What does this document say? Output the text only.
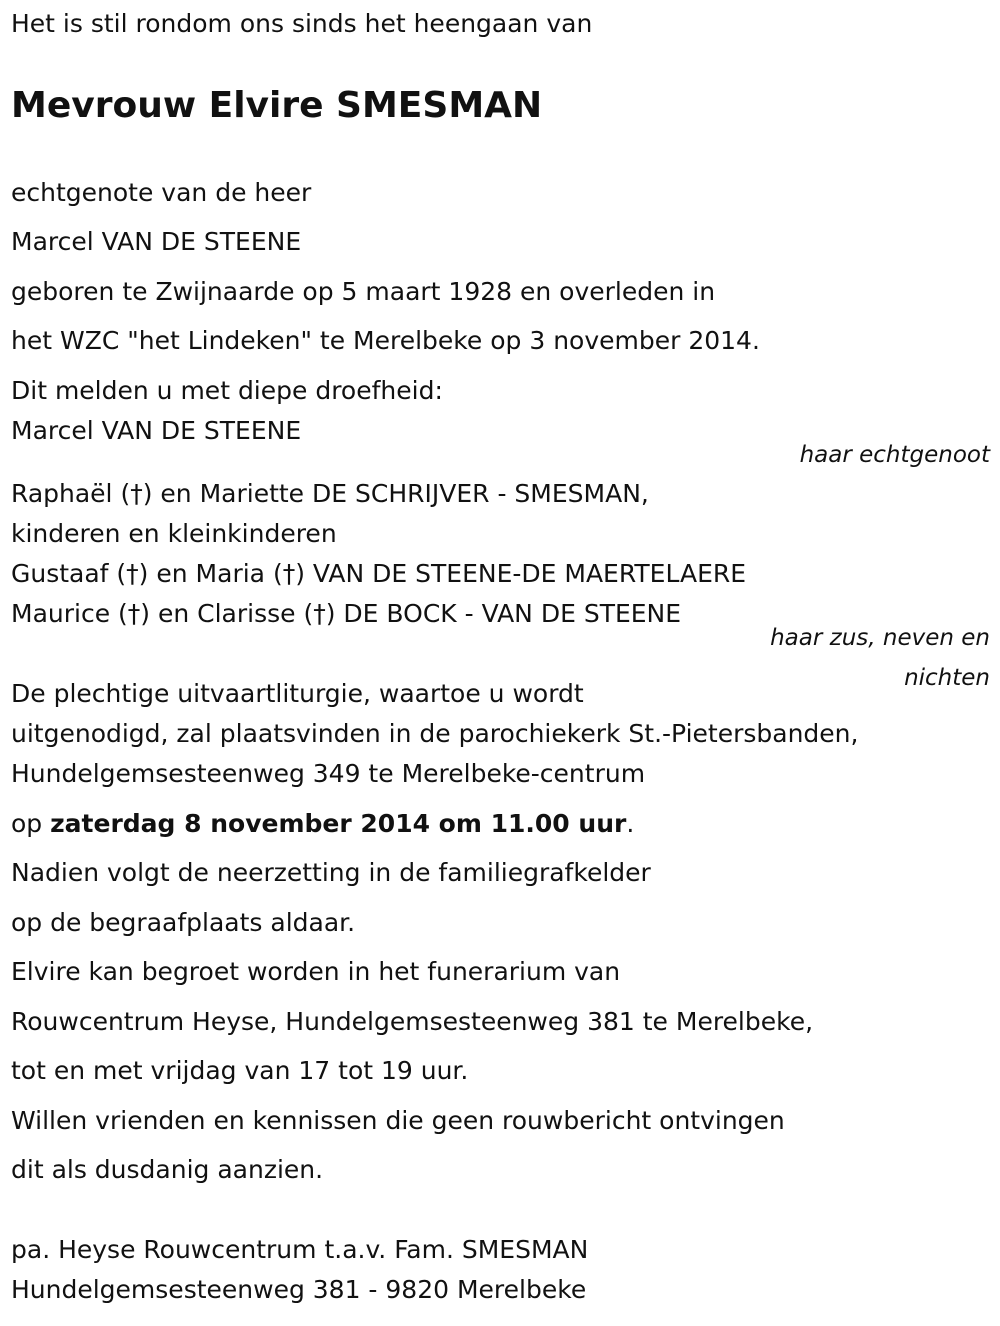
Het is stil rondom ons sinds het heengaan van
Mevrouw Elvire SMESMAN
echtgenote van de heer
Marcel VAN DE STEENE
geboren te Zwijnaarde op 5 maart 1928 en overleden in
het WZC "het Lindeken" te Merelbeke op 3 november 2014.
Dit melden u met diepe droefheid:
Marcel VAN DE STEENE
haar echtgenoot
Raphaël (†) en Mariette DE SCHRIJVER - SMESMAN,
kinderen en kleinkinderen
Gustaaf (†) en Maria (†) VAN DE STEENE-DE MAERTELAERE
Maurice (†) en Clarisse (†) DE BOCK - VAN DE STEENE
haar zus, neven en
nichten
De plechtige uitvaartliturgie, waartoe u wordt
uitgenodigd, zal plaatsvinden in de parochiekerk St.-Pietersbanden,
Hundelgemsesteenweg 349 te Merelbeke-centrum
op zaterdag 8 november 2014 om 11.00 uur.
Nadien volgt de neerzetting in de familiegrafkelder
op de begraafplaats aldaar.
Elvire kan begroet worden in het funerarium van
Rouwcentrum Heyse, Hundelgemsesteenweg 381 te Merelbeke,
tot en met vrijdag van 17 tot 19 uur.
Willen vrienden en kennissen die geen rouwbericht ontvingen
dit als dusdanig aanzien.
pa. Heyse Rouwcentrum t.a.v. Fam. SMESMAN
Hundelgemsesteenweg 381 - 9820 Merelbeke
